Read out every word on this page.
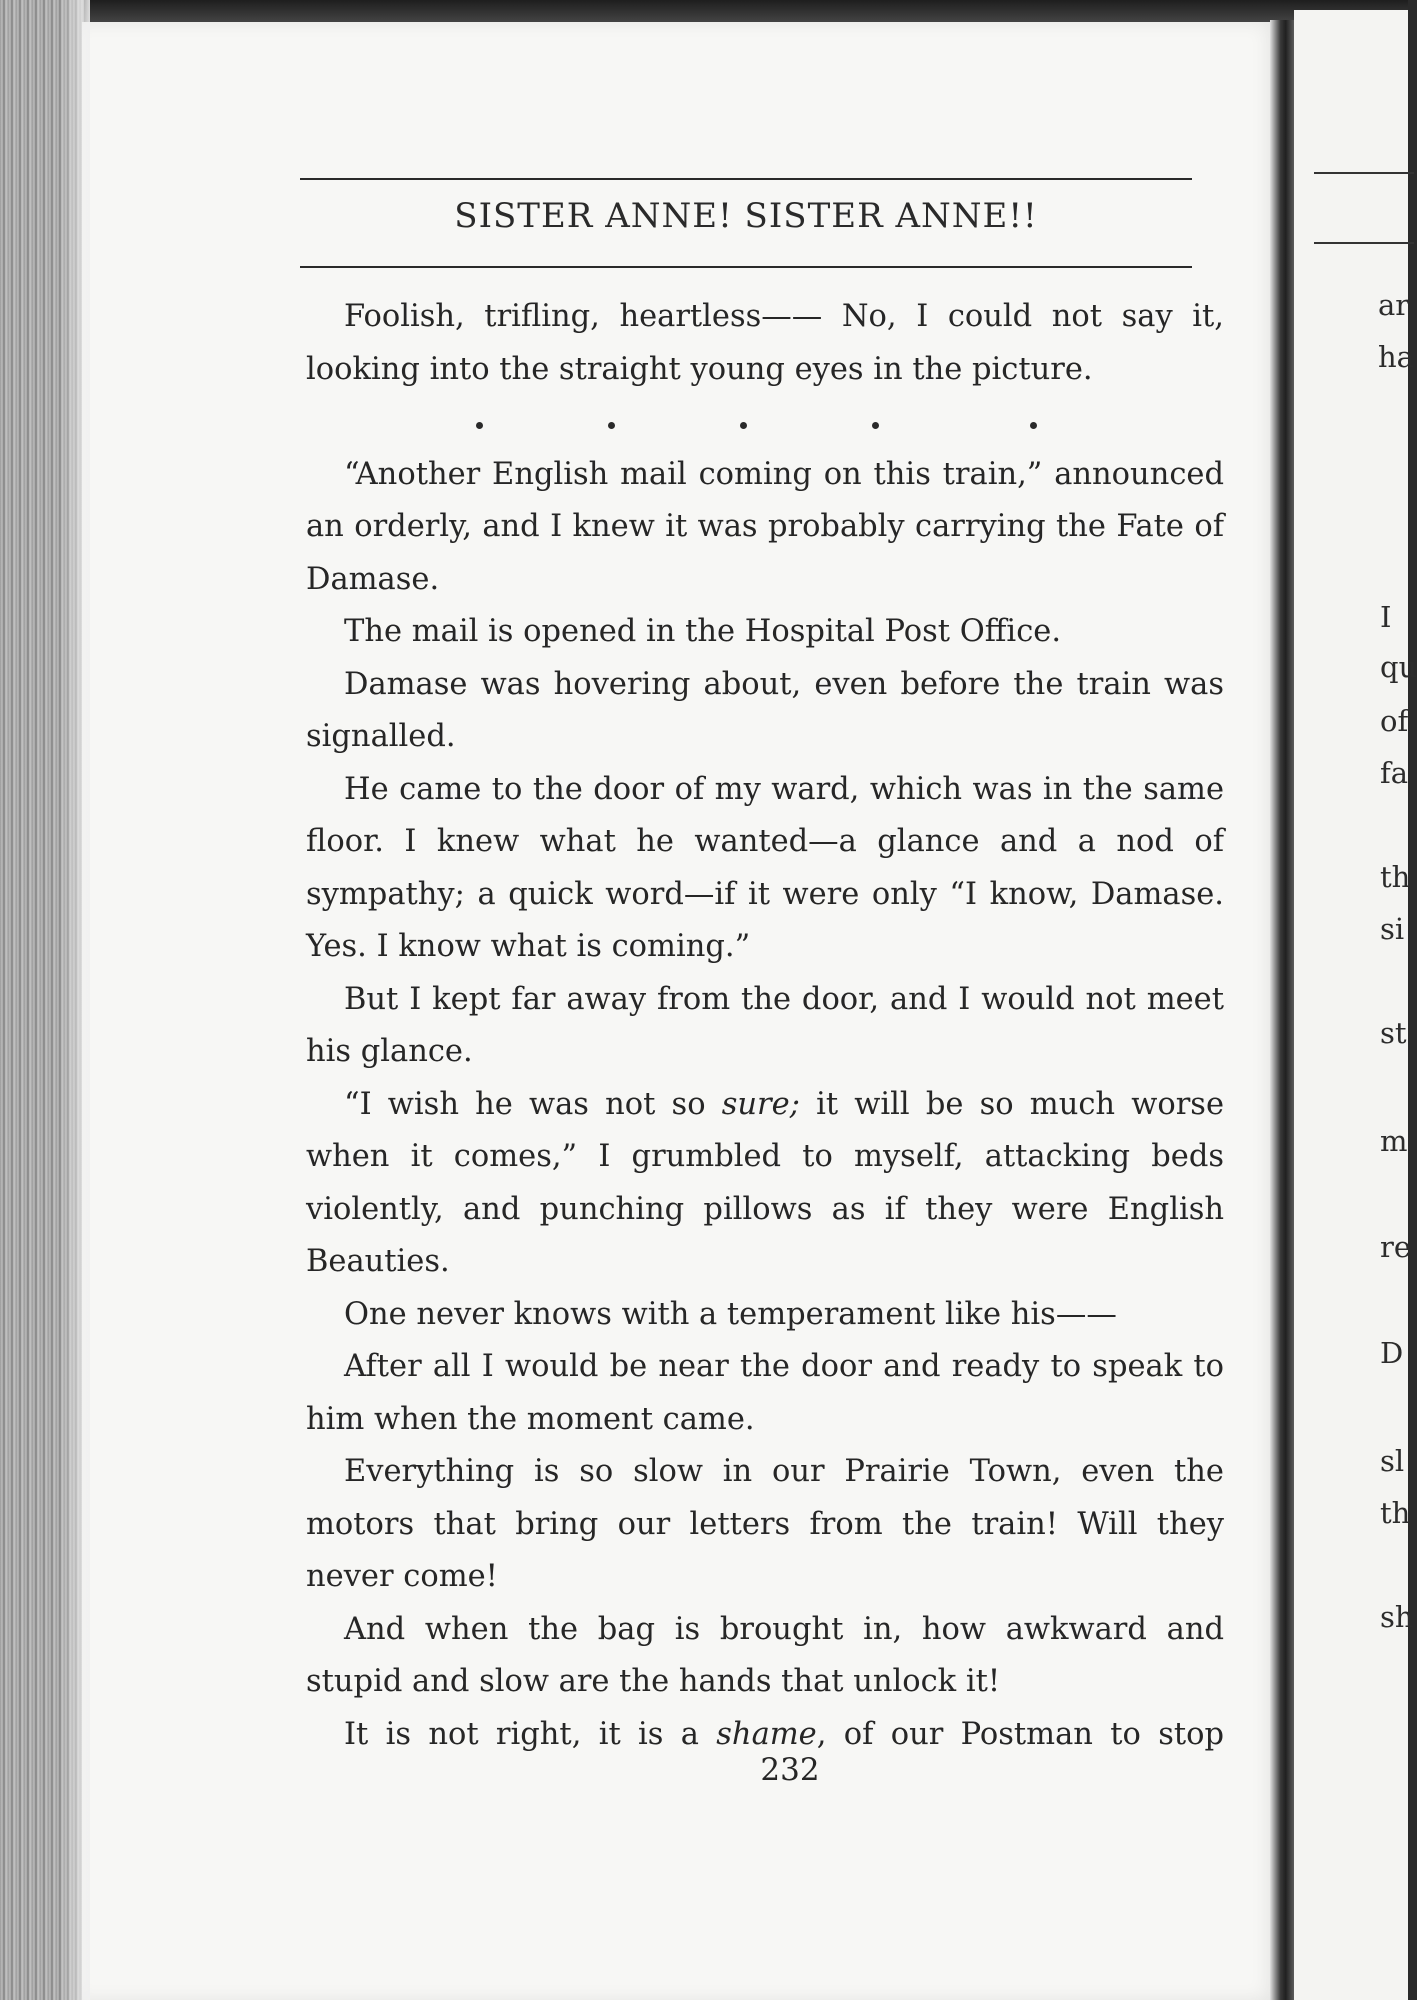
SISTER ANNE! SISTER ANNE!!

Foolish, trifling, heartless—— No, I could not say it, looking into the straight young eyes in the picture.

“Another English mail coming on this train,” announced an orderly, and I knew it was probably carrying the Fate of Damase.

The mail is opened in the Hospital Post Office.

Damase was hovering about, even before the train was signalled.

He came to the door of my ward, which was in the same floor. I knew what he wanted—a glance and a nod of sympathy; a quick word—if it were only “I know, Damase. Yes. I know what is coming.”

But I kept far away from the door, and I would not meet his glance.

“I wish he was not so sure; it will be so much worse when it comes,” I grumbled to myself, attacking beds violently, and punching pillows as if they were English Beauties.

One never knows with a temperament like his——

After all I would be near the door and ready to speak to him when the moment came.

Everything is so slow in our Prairie Town, even the motors that bring our letters from the train! Will they never come!

And when the bag is brought in, how awkward and stupid and slow are the hands that unlock it!

It is not right, it is a shame, of our Postman to stop

232
ar
ha
I
qu
of
fa
th
si
st
m
re
D
sl
th
sh
